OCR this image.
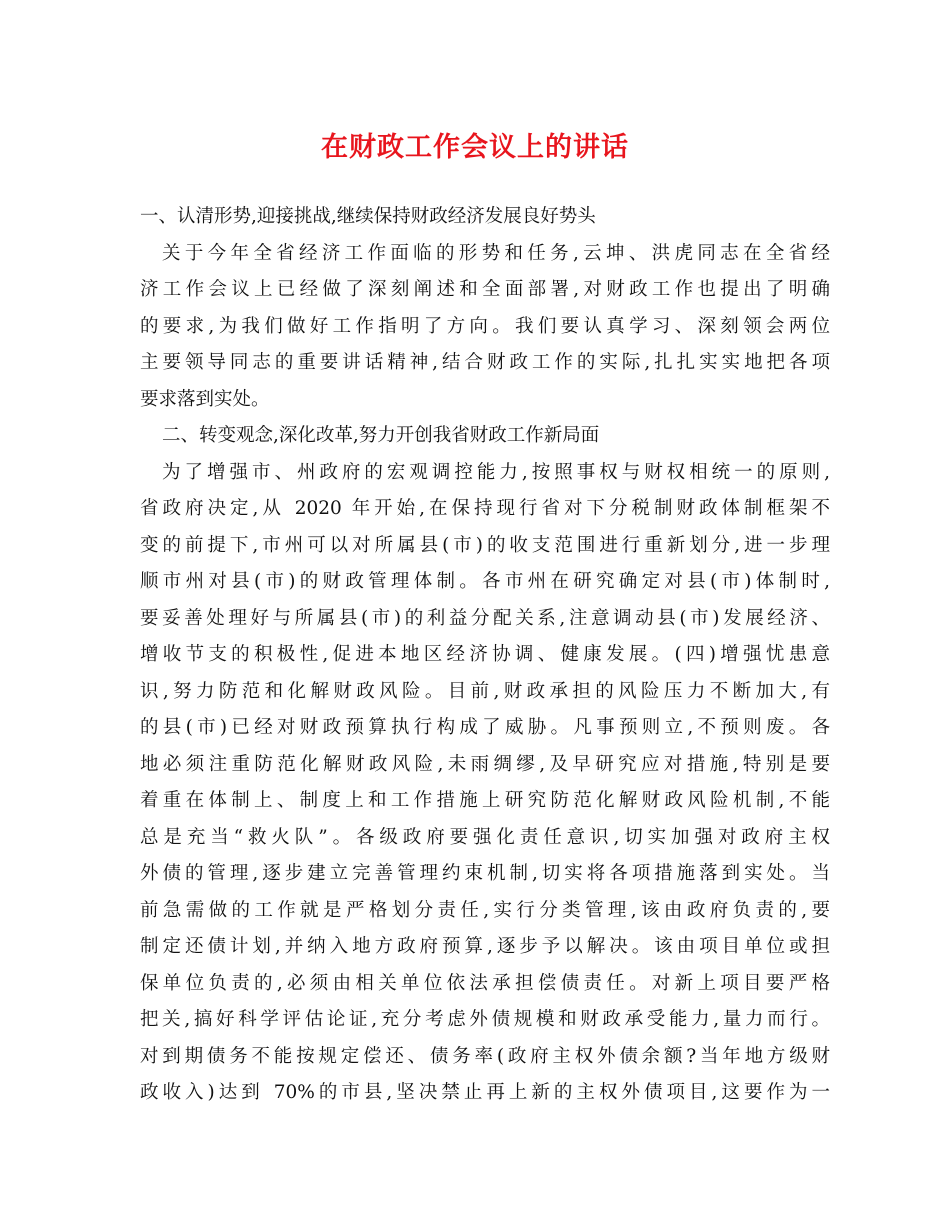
在财政工作会议上的讲话
一、认清形势,迎接挑战,继续保持财政经济发展良好势头
关于今年全省经济工作面临的形势和任务,云坤、洪虎同志在全省经
济工作会议上已经做了深刻阐述和全面部署,对财政工作也提出了明确
的要求,为我们做好工作指明了方向。我们要认真学习、深刻领会两位
主要领导同志的重要讲话精神,结合财政工作的实际,扎扎实实地把各项
要求落到实处。
二、转变观念,深化改革,努力开创我省财政工作新局面
为了增强市、州政府的宏观调控能力,按照事权与财权相统一的原则,
省政府决定,从 2020 年开始,在保持现行省对下分税制财政体制框架不
变的前提下,市州可以对所属县(市)的收支范围进行重新划分,进一步理
顺市州对县(市)的财政管理体制。各市州在研究确定对县(市)体制时,
要妥善处理好与所属县(市)的利益分配关系,注意调动县(市)发展经济、
增收节支的积极性,促进本地区经济协调、健康发展。(四)增强忧患意
识,努力防范和化解财政风险。目前,财政承担的风险压力不断加大,有
的县(市)已经对财政预算执行构成了威胁。凡事预则立,不预则废。各
地必须注重防范化解财政风险,未雨绸缪,及早研究应对措施,特别是要
着重在体制上、制度上和工作措施上研究防范化解财政风险机制,不能
总是充当“救火队”。各级政府要强化责任意识,切实加强对政府主权
外债的管理,逐步建立完善管理约束机制,切实将各项措施落到实处。当
前急需做的工作就是严格划分责任,实行分类管理,该由政府负责的,要
制定还债计划,并纳入地方政府预算,逐步予以解决。该由项目单位或担
保单位负责的,必须由相关单位依法承担偿债责任。对新上项目要严格
把关,搞好科学评估论证,充分考虑外债规模和财政承受能力,量力而行。
对到期债务不能按规定偿还、债务率(政府主权外债余额?当年地方级财
政收入)达到 70%的市县,坚决禁止再上新的主权外债项目,这要作为一
